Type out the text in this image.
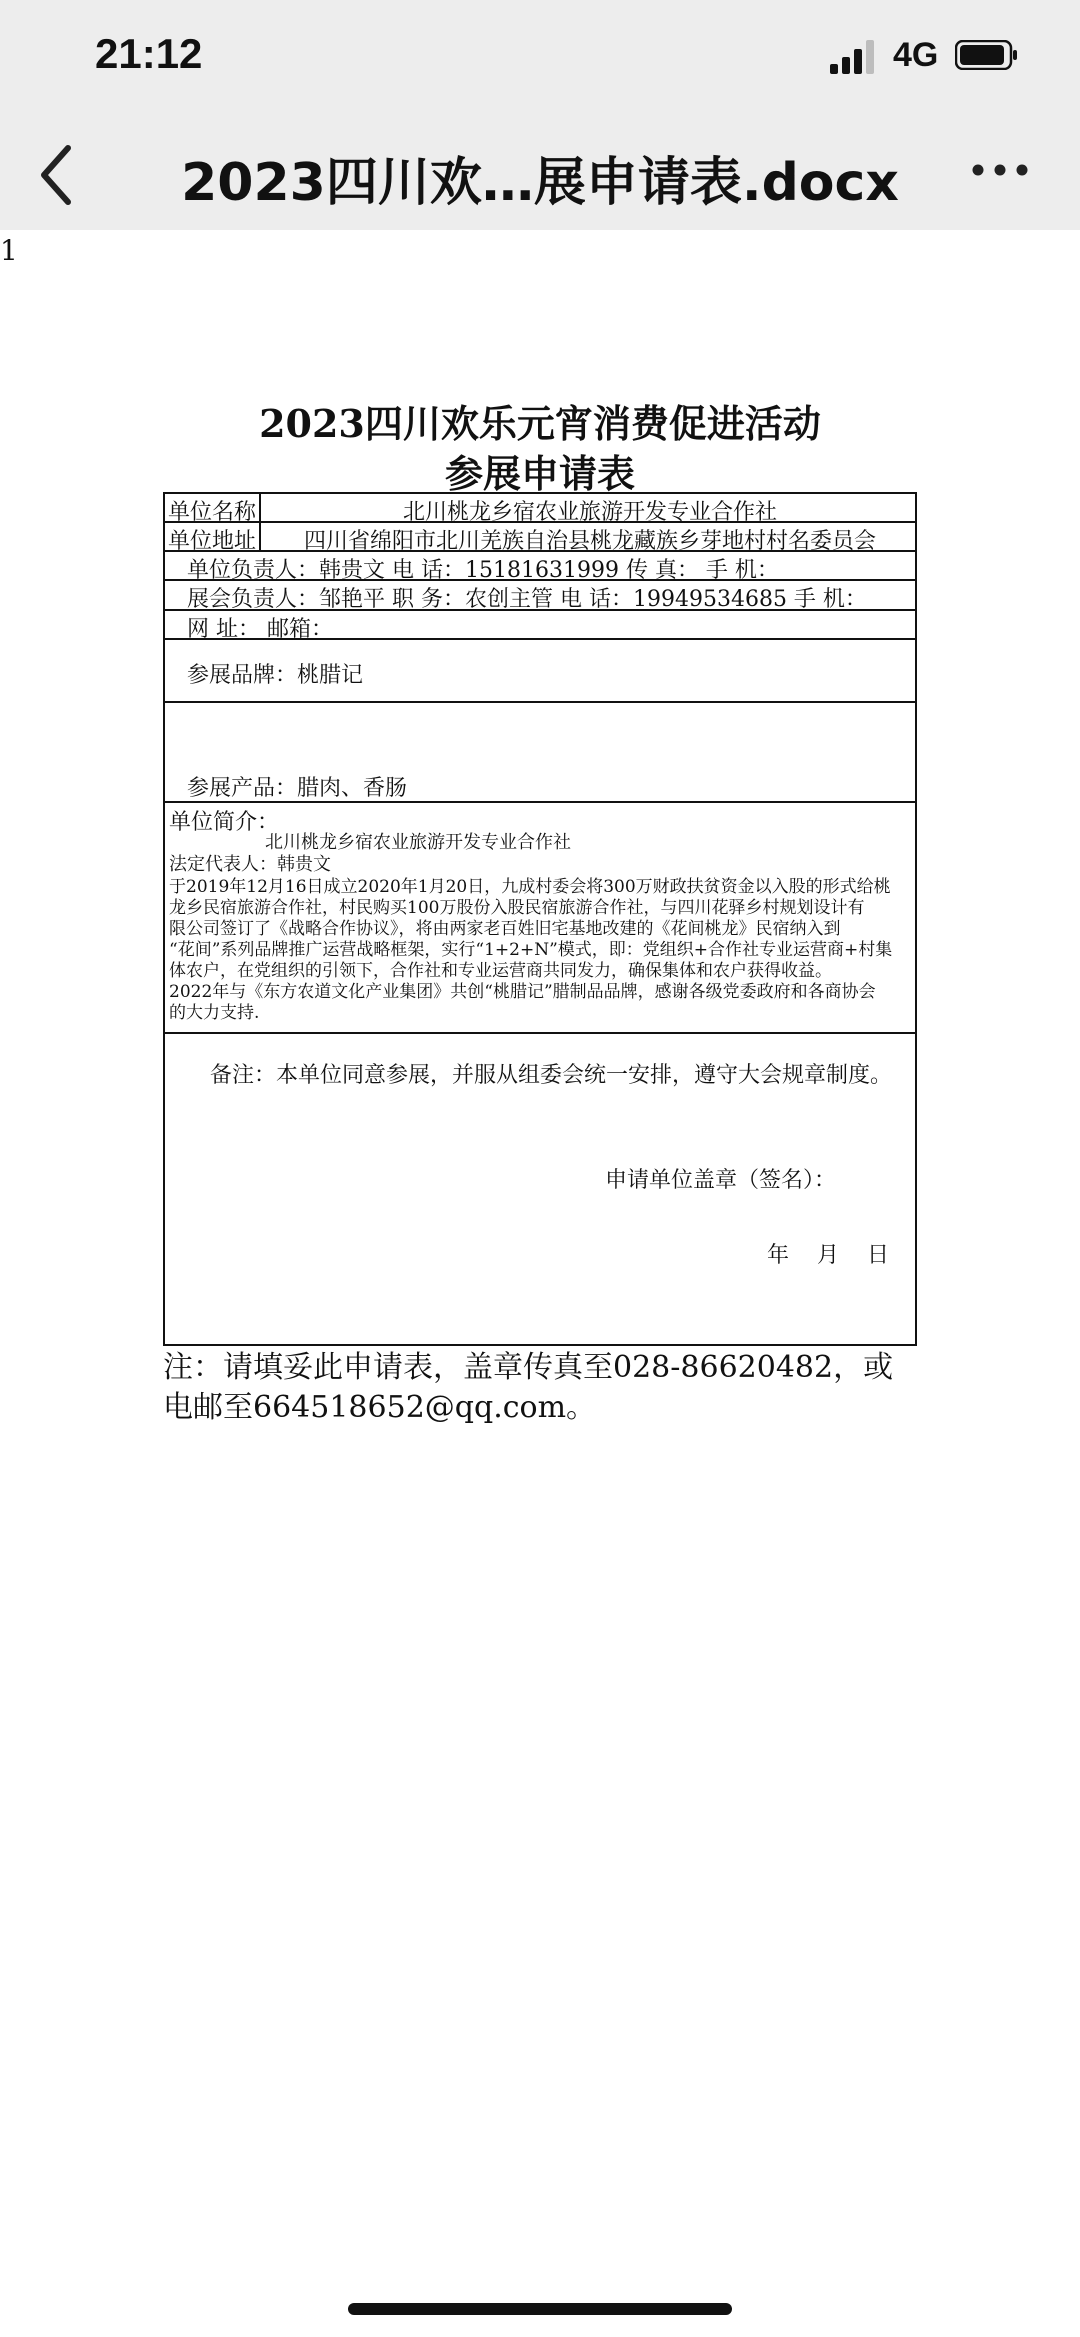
21:12	4G
2023四川欢…展申请表.docx
1
2023四川欢乐元宵消费促进活动
参展申请表
单位名称	北川桃龙乡宿农业旅游开发专业合作社
单位地址	四川省绵阳市北川羌族自治县桃龙藏族乡芽地村村名委员会
单位负责人：韩贵文 电 话：15181631999 传 真： 手 机：
展会负责人：邹艳平 职 务：农创主管 电 话：19949534685 手 机：
网 址： 邮箱：
参展品牌：桃腊记
参展产品：腊肉、香肠
单位简介：
北川桃龙乡宿农业旅游开发专业合作社
法定代表人：韩贵文
于2019年12月16日成立2020年1月20日，九成村委会将300万财政扶贫资金以入股的形式给桃
龙乡民宿旅游合作社，村民购买100万股份入股民宿旅游合作社，与四川花驿乡村规划设计有
限公司签订了《战略合作协议》，将由两家老百姓旧宅基地改建的《花间桃龙》民宿纳入到
“花间”系列品牌推广运营战略框架，实行“1+2+N”模式，即：党组织+合作社专业运营商+村集
体农户，在党组织的引领下，合作社和专业运营商共同发力，确保集体和农户获得收益。
2022年与《东方农道文化产业集团》共创“桃腊记”腊制品品牌，感谢各级党委政府和各商协会
的大力支持.
备注：本单位同意参展，并服从组委会统一安排，遵守大会规章制度。
申请单位盖章（签名）：
年    月    日
注：请填妥此申请表，盖章传真至028-86620482，或
电邮至664518652@qq.com。
